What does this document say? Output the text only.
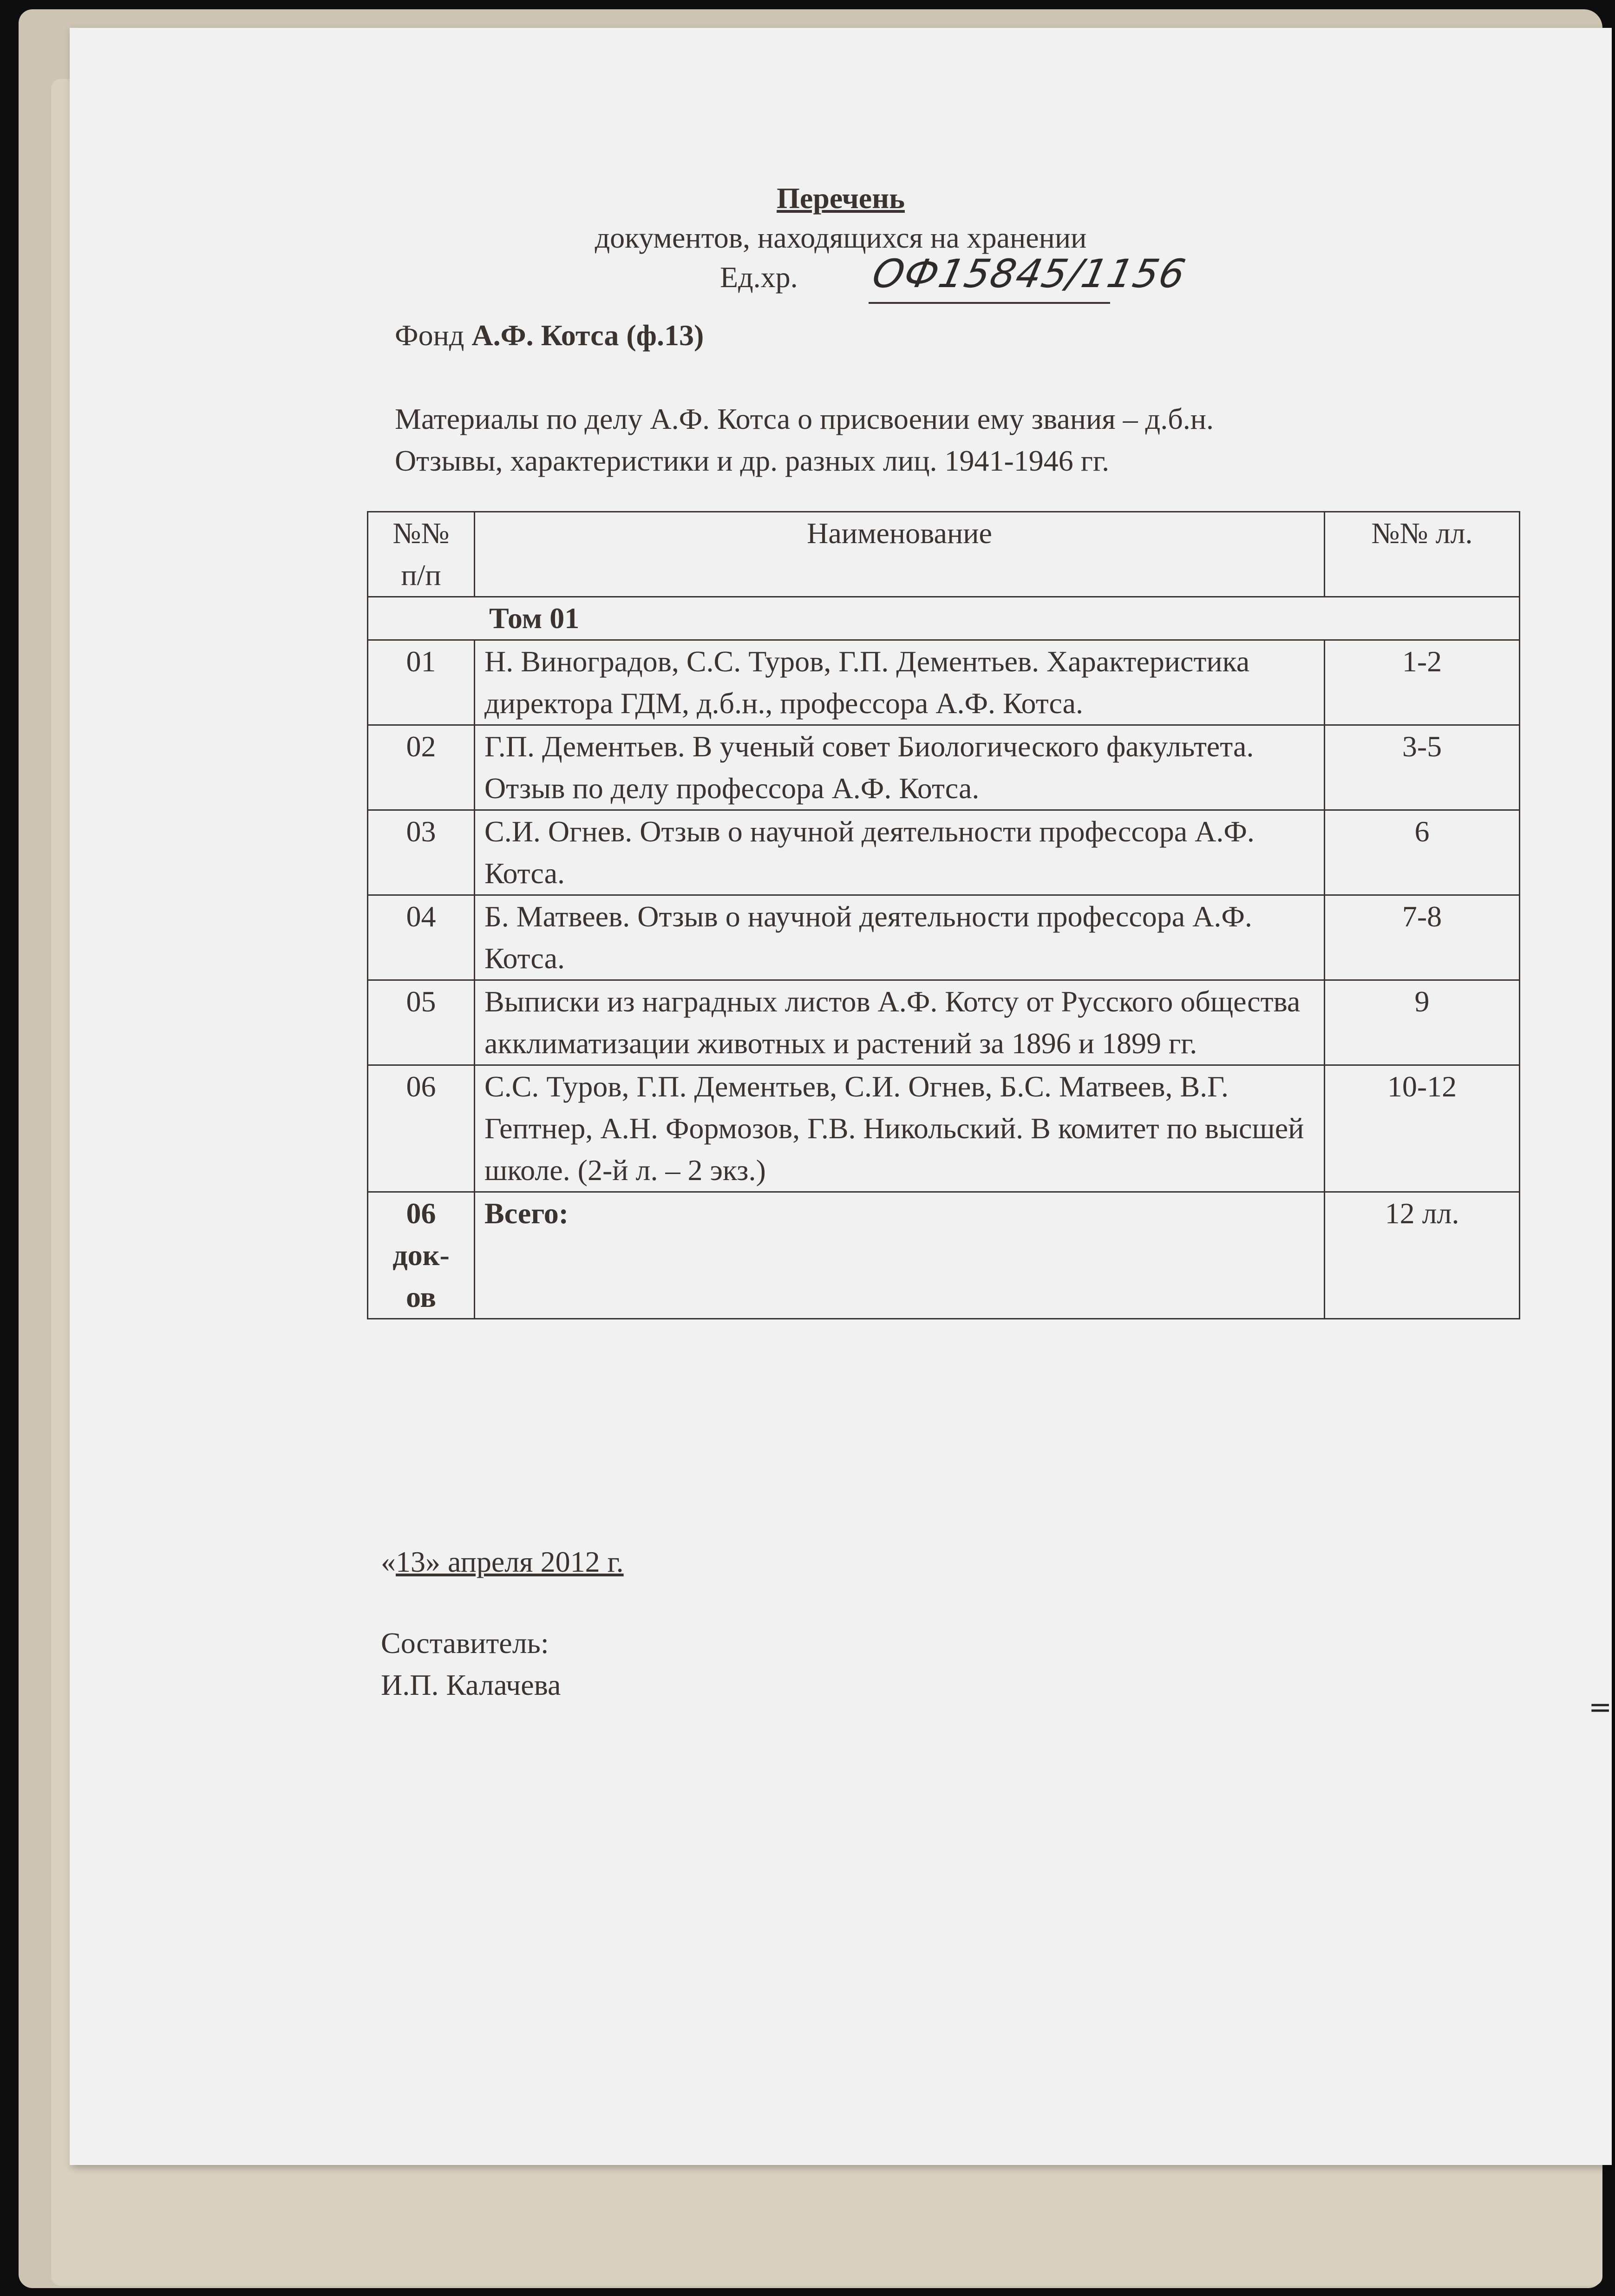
Перечень
документов, находящихся на хранении
Ед.хр. ОФ15845/1156
Фонд А.Ф. Котса (ф.13)
Материалы по делу А.Ф. Котса о присвоении ему звания – д.б.н.
Отзывы, характеристики и др. разных лиц. 1941-1946 гг.
№№ п/п	Наименование	№№ лл.
Том 01		
01	Н. Виноградов, С.С. Туров, Г.П. Дементьев. Характеристика директора ГДМ, д.б.н., профессора А.Ф. Котса.	1-2
02	Г.П. Дементьев. В ученый совет Биологического факультета. Отзыв по делу профессора А.Ф. Котса.	3-5
03	С.И. Огнев. Отзыв о научной деятельности профессора А.Ф. Котса.	6
04	Б. Матвеев. Отзыв о научной деятельности профессора А.Ф. Котса.	7-8
05	Выписки из наградных листов А.Ф. Котсу от Русского общества акклиматизации животных и растений за 1896 и 1899 гг.	9
06	С.С. Туров, Г.П. Дементьев, С.И. Огнев, Б.С. Матвеев, В.Г. Гептнер, А.Н. Формозов, Г.В. Никольский. В комитет по высшей школе. (2-й л. – 2 экз.)	10-12
06 док-ов	Всего:	12 лл.
«13» апреля 2012 г.
Составитель:
И.П. Калачева
=
